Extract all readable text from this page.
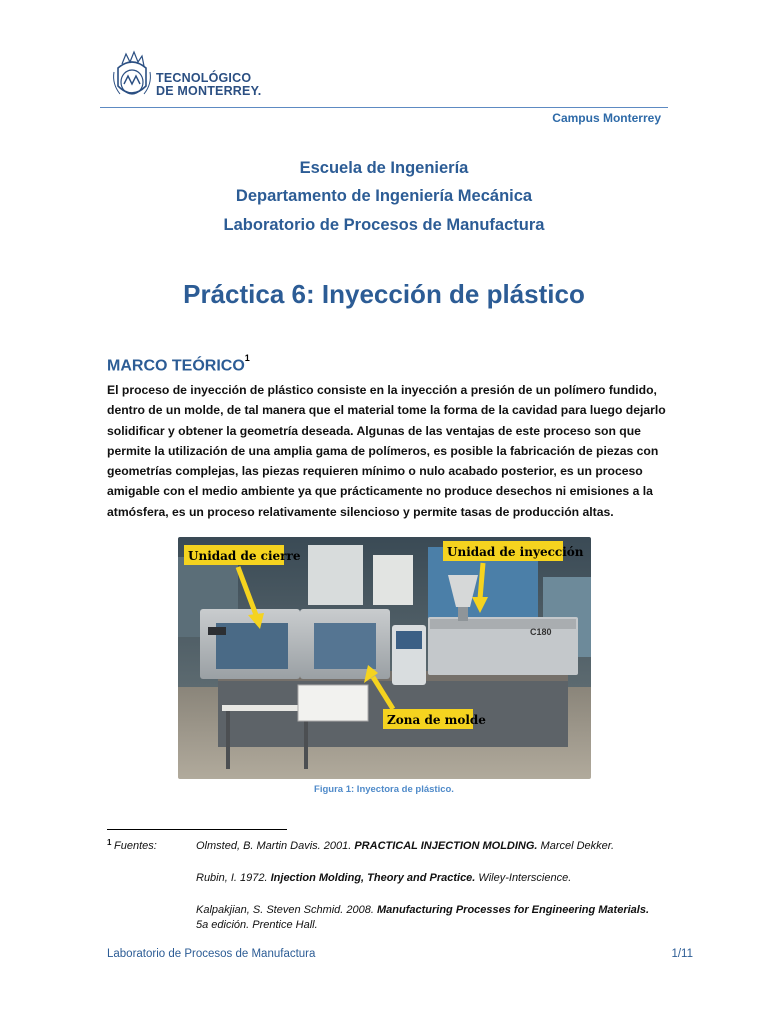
TECNOLÓGICO
DE MONTERREY.
Campus Monterrey
Escuela de Ingeniería
Departamento de Ingeniería Mecánica
Laboratorio de Procesos de Manufactura
Práctica 6: Inyección de plástico
MARCO TEÓRICO$^1$

El proceso de inyección de plástico consiste en la inyección a presión de un polímero fundido,

dentro de un molde, de tal manera que el material tome la forma de la cavidad para luego dejarlo

solidificar y obtener la geometría deseada. Algunas de las ventajas de este proceso son que

permite la utilización de una amplia gama de polímeros, es posible la fabricación de piezas con

geometrías complejas, las piezas requieren mínimo o nulo acabado posterior, es un proceso

amigable con el medio ambiente ya que prácticamente no produce desechos ni emisiones a la

atmósfera, es un proceso relativamente silencioso y permite tasas de producción altas.

C180
Unidad de cierre	Unidad de inyección
Zona de molde
Figura 1: Inyectora de plástico.
1 Fuentes:	Olmsted, B. Martin Davis. 2001. PRACTICAL INJECTION MOLDING. Marcel Dekker.
Rubin, I. 1972. Injection Molding, Theory and Practice. Wiley-Interscience.
Kalpakjian, S. Steven Schmid. 2008. Manufacturing Processes for Engineering Materials.
5a edición. Prentice Hall.
Laboratorio de Procesos de Manufactura	1/11
